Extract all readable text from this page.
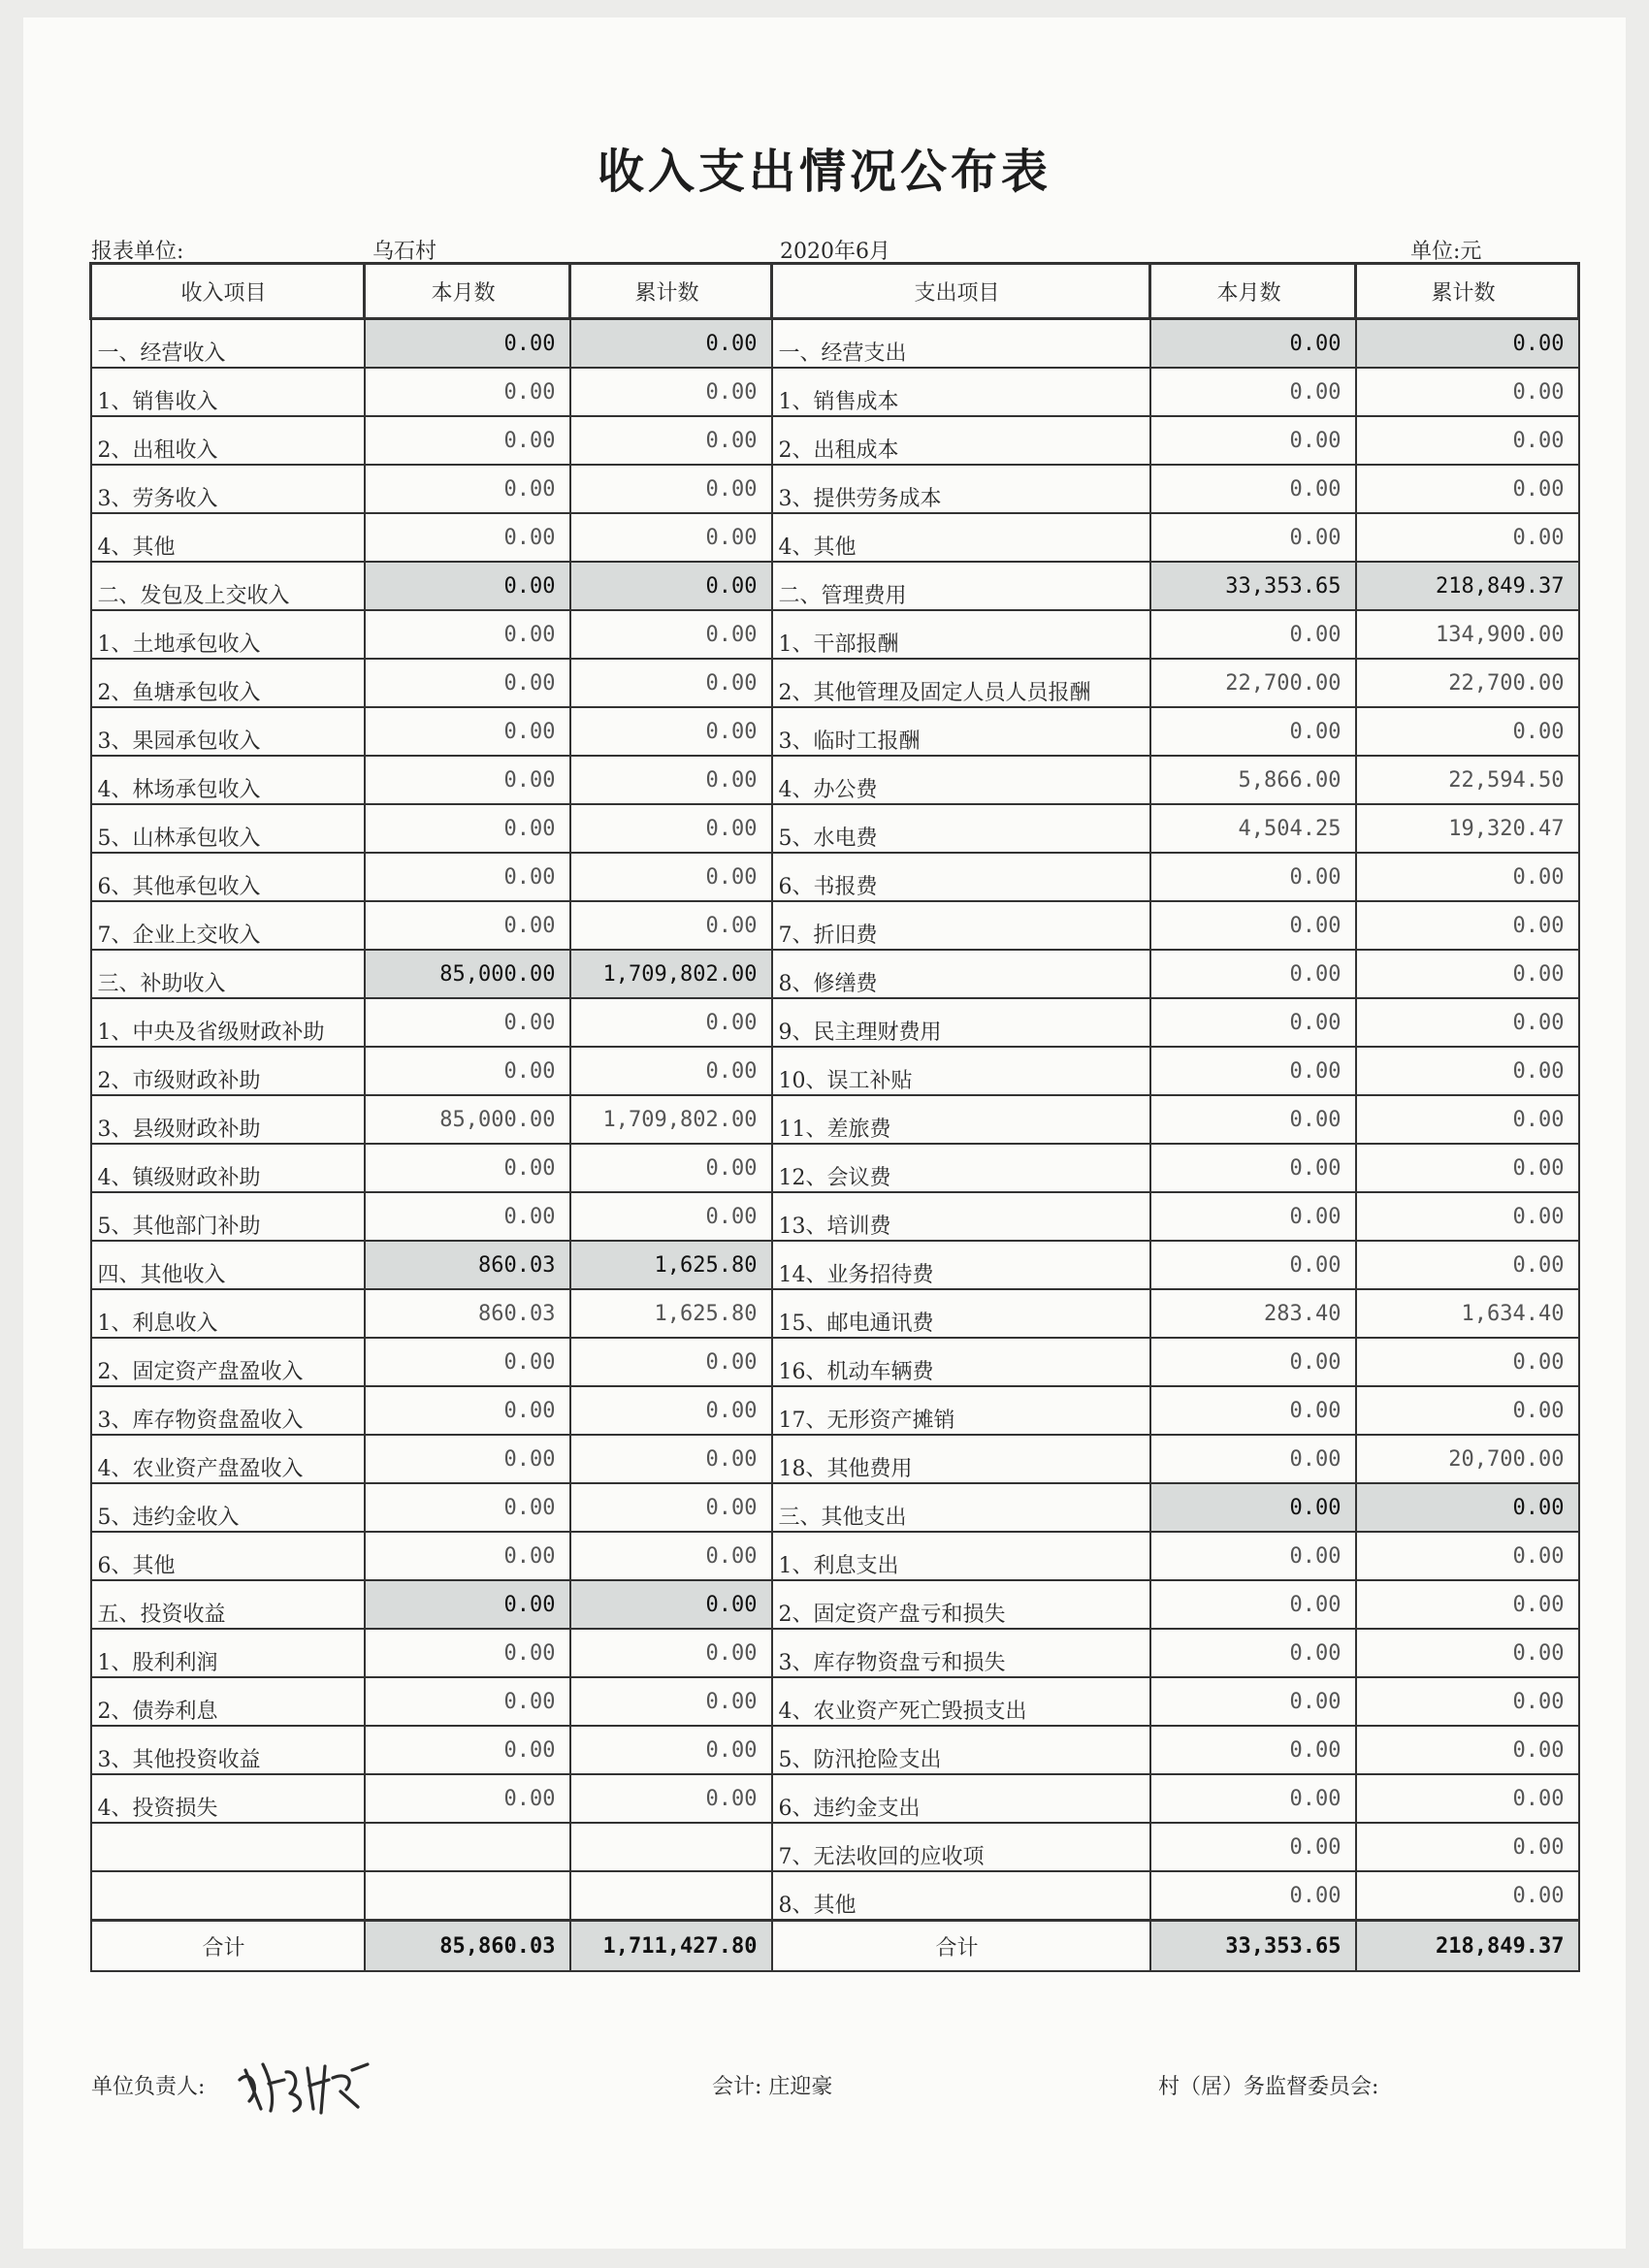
收入支出情况公布表
报表单位:	乌石村	2020年6月	单位:元
收入项目	本月数	累计数	支出项目	本月数	累计数
一、经营收入	0.00	0.00	一、经营支出	0.00	0.00
1、销售收入	0.00	0.00	1、销售成本	0.00	0.00
2、出租收入	0.00	0.00	2、出租成本	0.00	0.00
3、劳务收入	0.00	0.00	3、提供劳务成本	0.00	0.00
4、其他	0.00	0.00	4、其他	0.00	0.00
二、发包及上交收入	0.00	0.00	二、管理费用	33,353.65	218,849.37
1、土地承包收入	0.00	0.00	1、干部报酬	0.00	134,900.00
2、鱼塘承包收入	0.00	0.00	2、其他管理及固定人员人员报酬	22,700.00	22,700.00
3、果园承包收入	0.00	0.00	3、临时工报酬	0.00	0.00
4、林场承包收入	0.00	0.00	4、办公费	5,866.00	22,594.50
5、山林承包收入	0.00	0.00	5、水电费	4,504.25	19,320.47
6、其他承包收入	0.00	0.00	6、书报费	0.00	0.00
7、企业上交收入	0.00	0.00	7、折旧费	0.00	0.00
三、补助收入	85,000.00	1,709,802.00	8、修缮费	0.00	0.00
1、中央及省级财政补助	0.00	0.00	9、民主理财费用	0.00	0.00
2、市级财政补助	0.00	0.00	10、误工补贴	0.00	0.00
3、县级财政补助	85,000.00	1,709,802.00	11、差旅费	0.00	0.00
4、镇级财政补助	0.00	0.00	12、会议费	0.00	0.00
5、其他部门补助	0.00	0.00	13、培训费	0.00	0.00
四、其他收入	860.03	1,625.80	14、业务招待费	0.00	0.00
1、利息收入	860.03	1,625.80	15、邮电通讯费	283.40	1,634.40
2、固定资产盘盈收入	0.00	0.00	16、机动车辆费	0.00	0.00
3、库存物资盘盈收入	0.00	0.00	17、无形资产摊销	0.00	0.00
4、农业资产盘盈收入	0.00	0.00	18、其他费用	0.00	20,700.00
5、违约金收入	0.00	0.00	三、其他支出	0.00	0.00
6、其他	0.00	0.00	1、利息支出	0.00	0.00
五、投资收益	0.00	0.00	2、固定资产盘亏和损失	0.00	0.00
1、股利利润	0.00	0.00	3、库存物资盘亏和损失	0.00	0.00
2、债券利息	0.00	0.00	4、农业资产死亡毁损支出	0.00	0.00
3、其他投资收益	0.00	0.00	5、防汛抢险支出	0.00	0.00
4、投资损失	0.00	0.00	6、违约金支出	0.00	0.00
			7、无法收回的应收项	0.00	0.00
			8、其他	0.00	0.00
合计	85,860.03	1,711,427.80	合计	33,353.65	218,849.37
单位负责人:	会计: 庄迎豪	村（居）务监督委员会:
